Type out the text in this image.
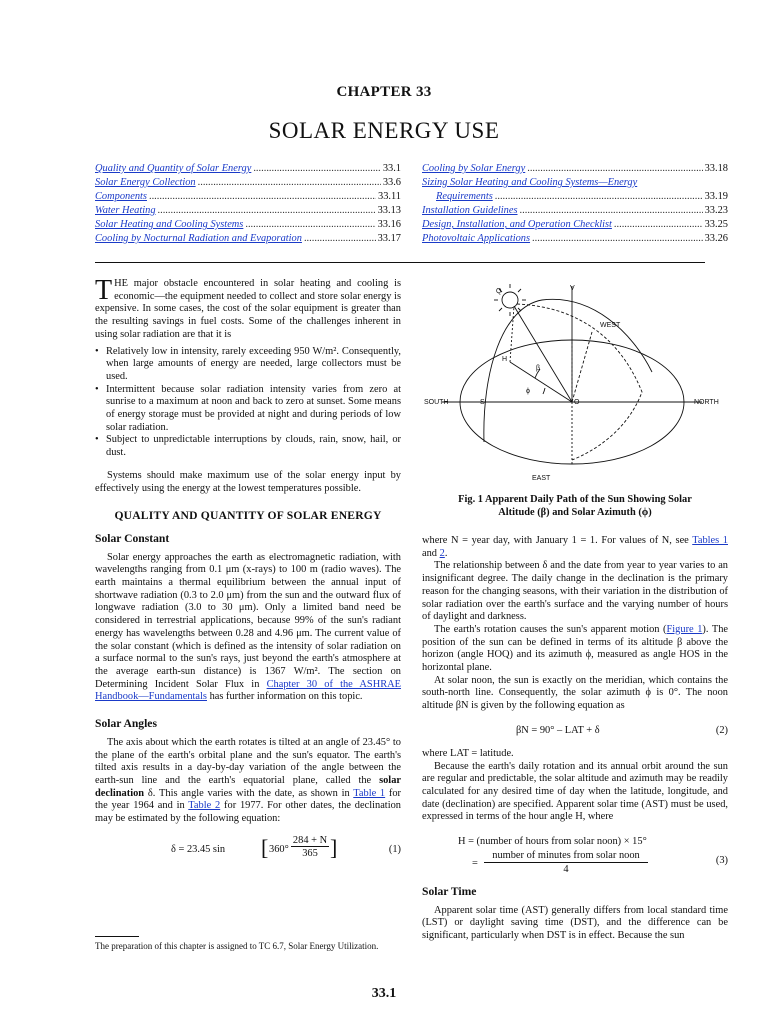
CHAPTER 33
SOLAR ENERGY USE
Quality and Quantity of Solar Energy .....	33.1
Solar Energy Collection .....	33.6
Components .....	33.11
Water Heating .....	33.13
Solar Heating and Cooling Systems .....	33.16
Cooling by Nocturnal Radiation and Evaporation .....	33.17
Cooling by Solar Energy .....	33.18
Sizing Solar Heating and Cooling Systems—Energy
Requirements .....	33.19
Installation Guidelines .....	33.23
Design, Installation, and Operation Checklist .....	33.25
Photovoltaic Applications .....	33.26

THE major obstacle encountered in solar heating and cooling is economic—the equipment needed to collect and store solar energy is expensive. In some cases, the cost of the solar equipment is greater than the resulting savings in fuel costs. Some of the challenges inherent in using solar radiation are that it is

• Relatively low in intensity, rarely exceeding 950 W/m². Consequently, when large amounts of energy are needed, large collectors must be used.
• Intermittent because solar radiation intensity varies from zero at sunrise to a maximum at noon and back to zero at sunset. Some means of energy storage must be provided at night and during periods of low solar radiation.
• Subject to unpredictable interruptions by clouds, rain, snow, hail, or dust.

Systems should make maximum use of the solar energy input by effectively using the energy at the lowest temperatures possible.

QUALITY AND QUANTITY OF SOLAR ENERGY
Solar Constant

Solar energy approaches the earth as electromagnetic radiation, with wavelengths ranging from 0.1 μm (x-rays) to 100 m (radio waves). The earth maintains a thermal equilibrium between the annual input of shortwave radiation (0.3 to 2.0 μm) from the sun and the outward flux of longwave radiation (3.0 to 30 μm). Only a limited band need be considered in terrestrial applications, because 99% of the sun's radiant energy has wavelengths between 0.28 and 4.96 μm. The current value of the solar constant (which is defined as the intensity of solar radiation on a surface normal to the sun's rays, just beyond the earth's atmosphere at the average earth-sun distance) is 1367 W/m². The section on Determining Incident Solar Flux in Chapter 30 of the ASHRAE Handbook—Fundamentals has further information on this topic.

Solar Angles

The axis about which the earth rotates is tilted at an angle of 23.45° to the plane of the earth's orbital plane and the sun's equator. The earth's tilted axis results in a day-by-day variation of the angle between the earth-sun line and the earth's equatorial plane, called the solar declination δ. This angle varies with the date, as shown in Table 1 for the year 1964 and in Table 2 for 1977. For other dates, the declination may be estimated by the following equation:

δ = 23.45 sin [ 360°
284 + N
365 ]	(1)
SOUTH	NORTH
EAST
WEST
Q	V
H
S	O
β
ϕ
Fig. 1 Apparent Daily Path of the Sun Showing Solar
Altitude (β) and Solar Azimuth (ϕ)

where N = year day, with January 1 = 1. For values of N, see Tables 1 and 2.

The relationship between δ and the date from year to year varies to an insignificant degree. The daily change in the declination is the primary reason for the changing seasons, with their variation in the distribution of solar radiation over the earth's surface and the varying number of hours of daylight and darkness.

The earth's rotation causes the sun's apparent motion (Figure 1). The position of the sun can be defined in terms of its altitude β above the horizon (angle HOQ) and its azimuth ϕ, measured as angle HOS in the horizontal plane.

At solar noon, the sun is exactly on the meridian, which contains the south-north line. Consequently, the solar azimuth ϕ is 0°. The noon altitude βN is given by the following equation as

βN = 90° – LAT + δ	(2)

where LAT = latitude.

Because the earth's daily rotation and its annual orbit around the sun are regular and predictable, the solar altitude and azimuth may be readily calculated for any desired time of day when the latitude, longitude, and date (declination) are specified. Apparent solar time (AST) must be used, expressed in terms of the hour angle H, where

H = (number of hours from solar noon) × 15°
=
number of minutes from solar noon
4
(3)
Solar Time

Apparent solar time (AST) generally differs from local standard time (LST) or daylight saving time (DST), and the difference can be significant, particularly when DST is in effect. Because the sun

The preparation of this chapter is assigned to TC 6.7, Solar Energy Utilization.
33.1
